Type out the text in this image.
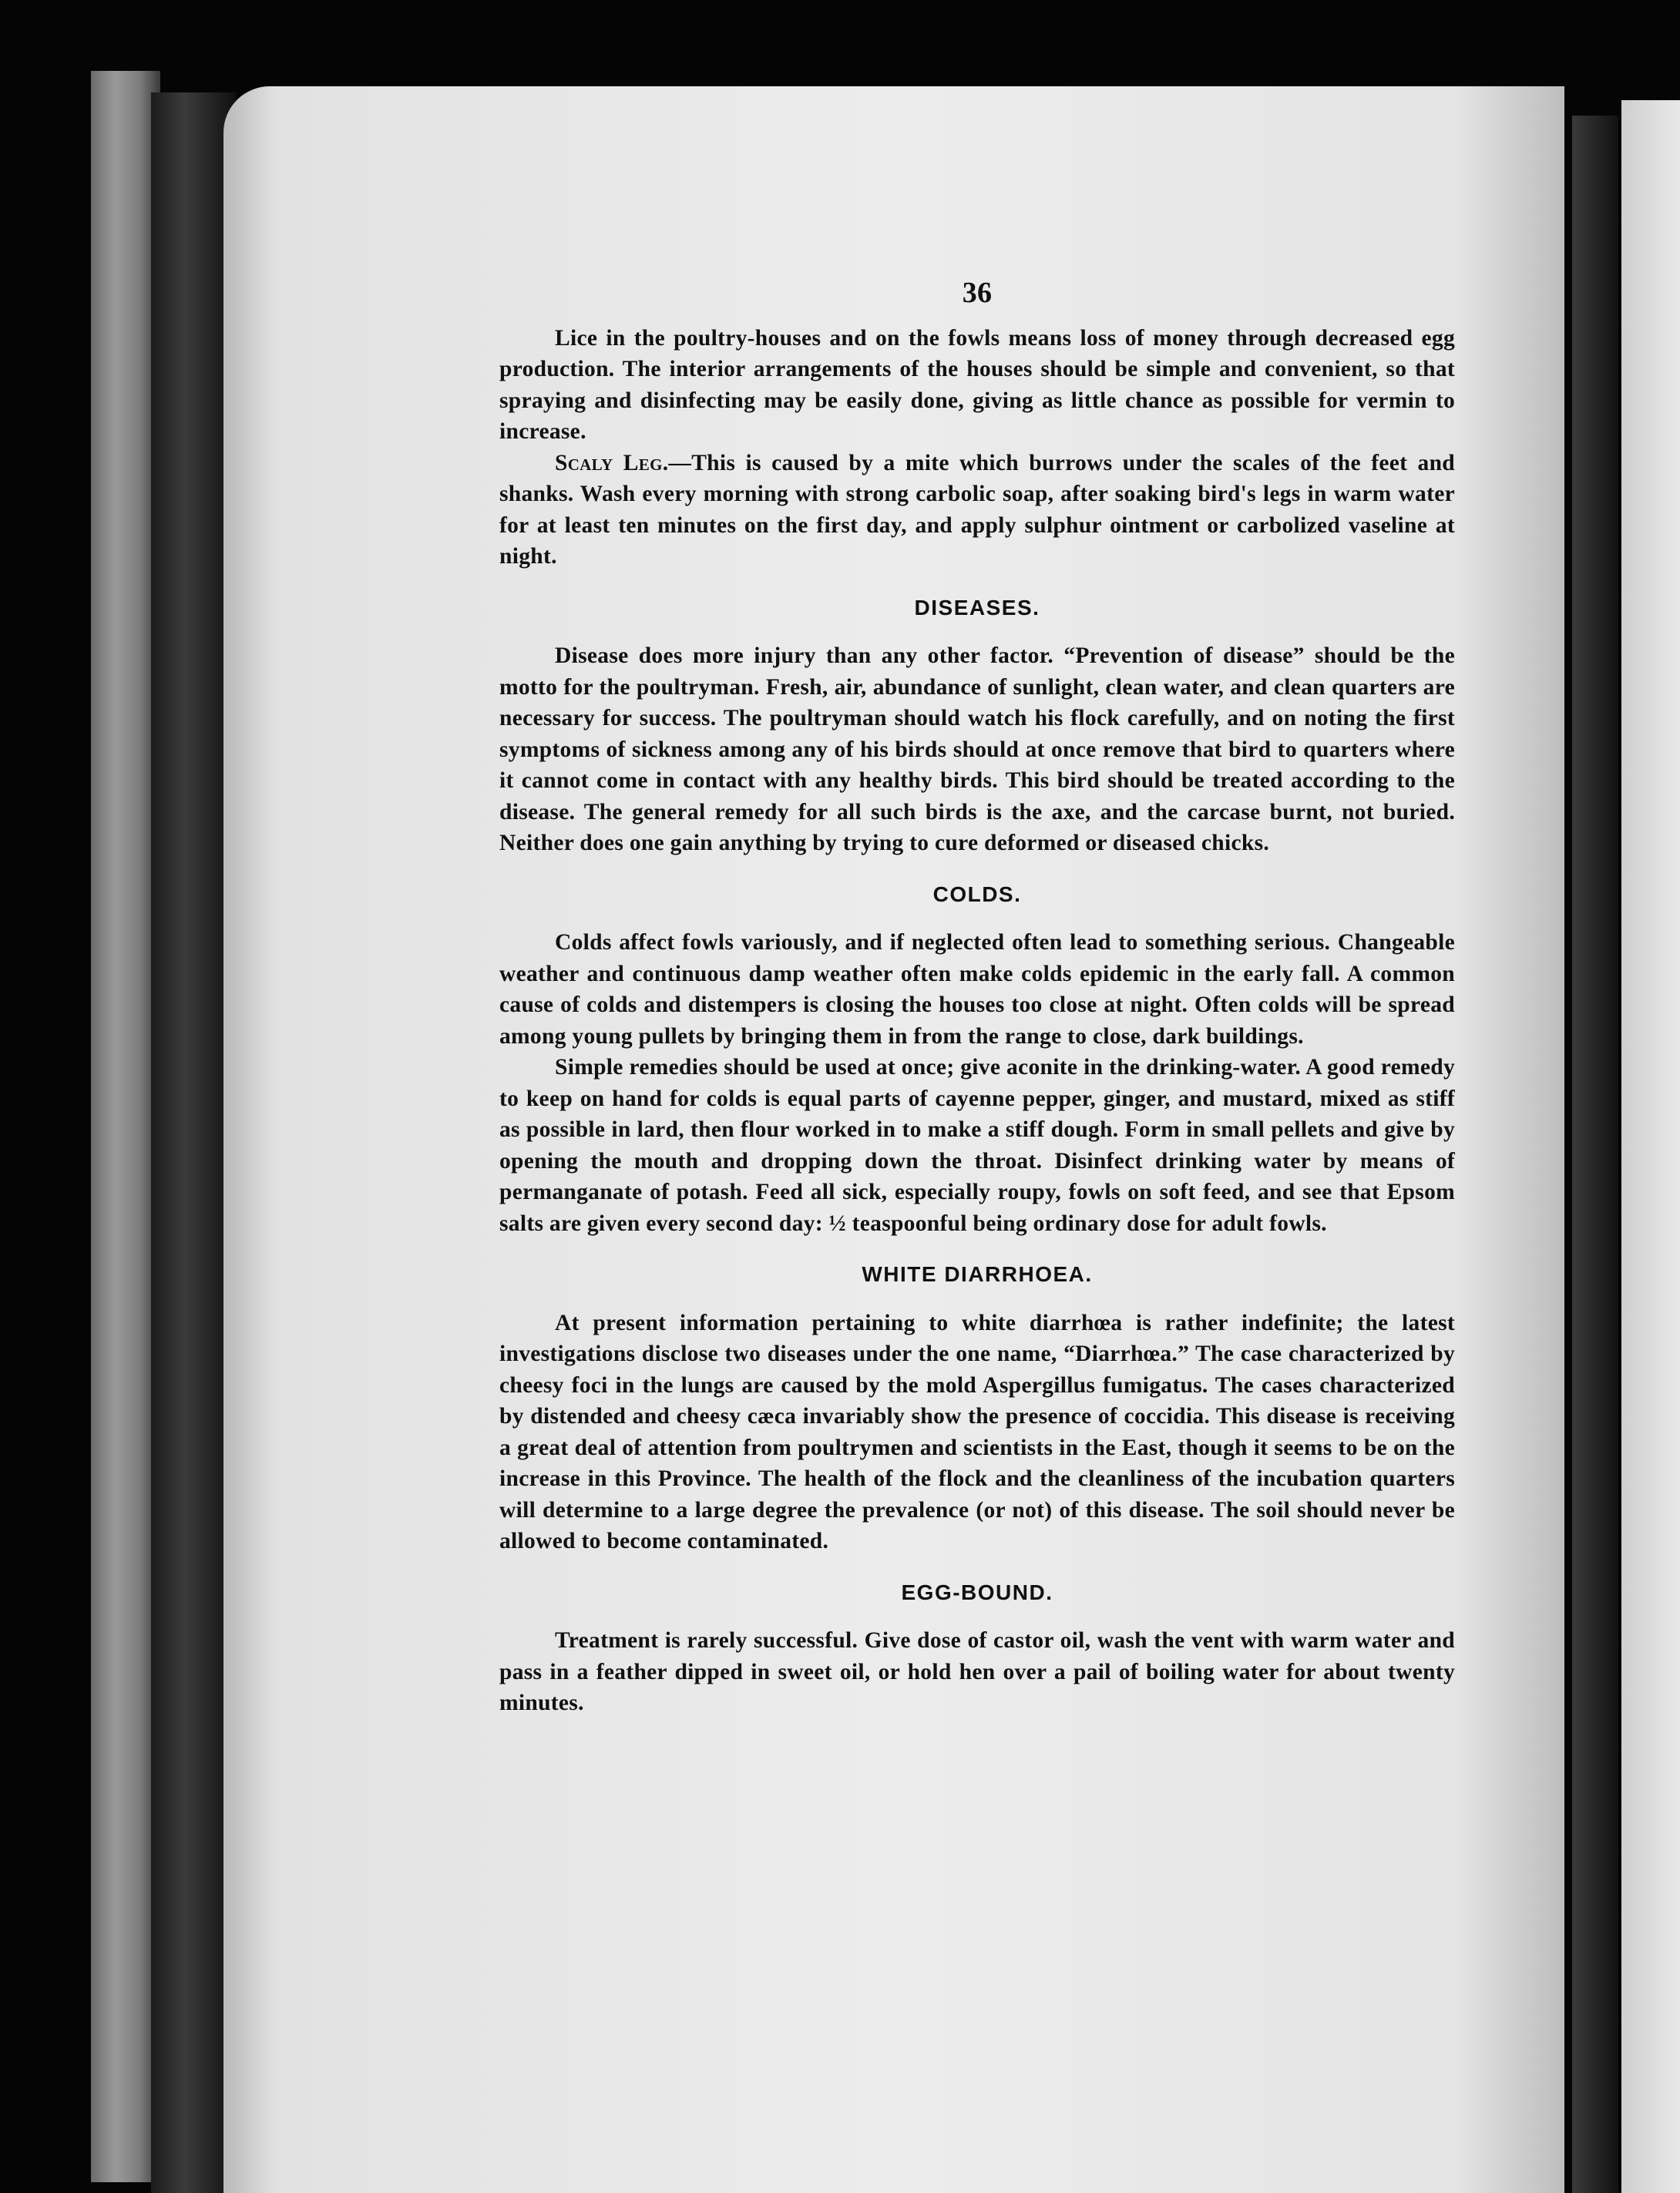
36

Lice in the poultry-houses and on the fowls means loss of money through decreased egg production. The interior arrangements of the houses should be simple and convenient, so that spraying and disinfecting may be easily done, giving as little chance as possible for vermin to increase.

Scaly Leg.—This is caused by a mite which burrows under the scales of the feet and shanks. Wash every morning with strong carbolic soap, after soaking bird's legs in warm water for at least ten minutes on the first day, and apply sulphur ointment or carbolized vaseline at night.

DISEASES.

Disease does more injury than any other factor. “Prevention of disease” should be the motto for the poultryman. Fresh, air, abundance of sunlight, clean water, and clean quarters are necessary for success. The poultryman should watch his flock carefully, and on noting the first symptoms of sickness among any of his birds should at once remove that bird to quarters where it cannot come in contact with any healthy birds. This bird should be treated according to the disease. The general remedy for all such birds is the axe, and the carcase burnt, not buried. Neither does one gain anything by trying to cure deformed or diseased chicks.

COLDS.

Colds affect fowls variously, and if neglected often lead to something serious. Changeable weather and continuous damp weather often make colds epidemic in the early fall. A common cause of colds and distempers is closing the houses too close at night. Often colds will be spread among young pullets by bringing them in from the range to close, dark buildings.

Simple remedies should be used at once; give aconite in the drinking-water. A good remedy to keep on hand for colds is equal parts of cayenne pepper, ginger, and mustard, mixed as stiff as possible in lard, then flour worked in to make a stiff dough. Form in small pellets and give by opening the mouth and dropping down the throat. Disinfect drinking water by means of permanganate of potash. Feed all sick, especially roupy, fowls on soft feed, and see that Epsom salts are given every second day: ½ teaspoonful being ordinary dose for adult fowls.

WHITE DIARRHOEA.

At present information pertaining to white diarrhœa is rather indefinite; the latest investigations disclose two diseases under the one name, “Diarrhœa.” The case characterized by cheesy foci in the lungs are caused by the mold Aspergillus fumigatus. The cases characterized by distended and cheesy cæca invariably show the presence of coccidia. This disease is receiving a great deal of attention from poultrymen and scientists in the East, though it seems to be on the increase in this Province. The health of the flock and the cleanliness of the incubation quarters will determine to a large degree the prevalence (or not) of this disease. The soil should never be allowed to become contaminated.

EGG-BOUND.

Treatment is rarely successful. Give dose of castor oil, wash the vent with warm water and pass in a feather dipped in sweet oil, or hold hen over a pail of boiling water for about twenty minutes.
